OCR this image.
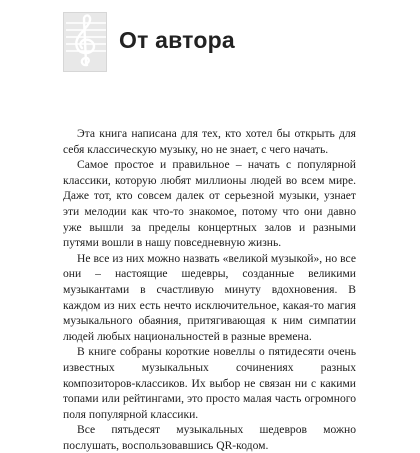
От автора

Эта книга написана для тех, кто хотел бы открыть для себя классическую музыку, но не знает, с чего начать.

Самое простое и правильное – начать с популярной классики, которую любят миллионы людей во всем мире. Даже тот, кто совсем далек от серьезной музыки, узнает эти мелодии как что-то знакомое, потому что они давно уже вышли за пределы концертных залов и разными путями вошли в нашу повседневную жизнь.

Не все из них можно назвать «великой музыкой», но все они – настоящие шедевры, созданные великими музыкантами в счастливую минуту вдохновения. В каждом из них есть нечто исключительное, какая-то магия музыкального обаяния, притягивающая к ним симпатии людей любых национальностей в разные времена.

В книге собраны короткие новеллы о пятидесяти очень известных музыкальных сочинениях разных композиторов-классиков. Их выбор не связан ни с какими топами или рейтингами, это просто малая часть огромного поля популярной классики.

Все пятьдесят музыкальных шедевров можно послушать, воспользовавшись QR-кодом.
